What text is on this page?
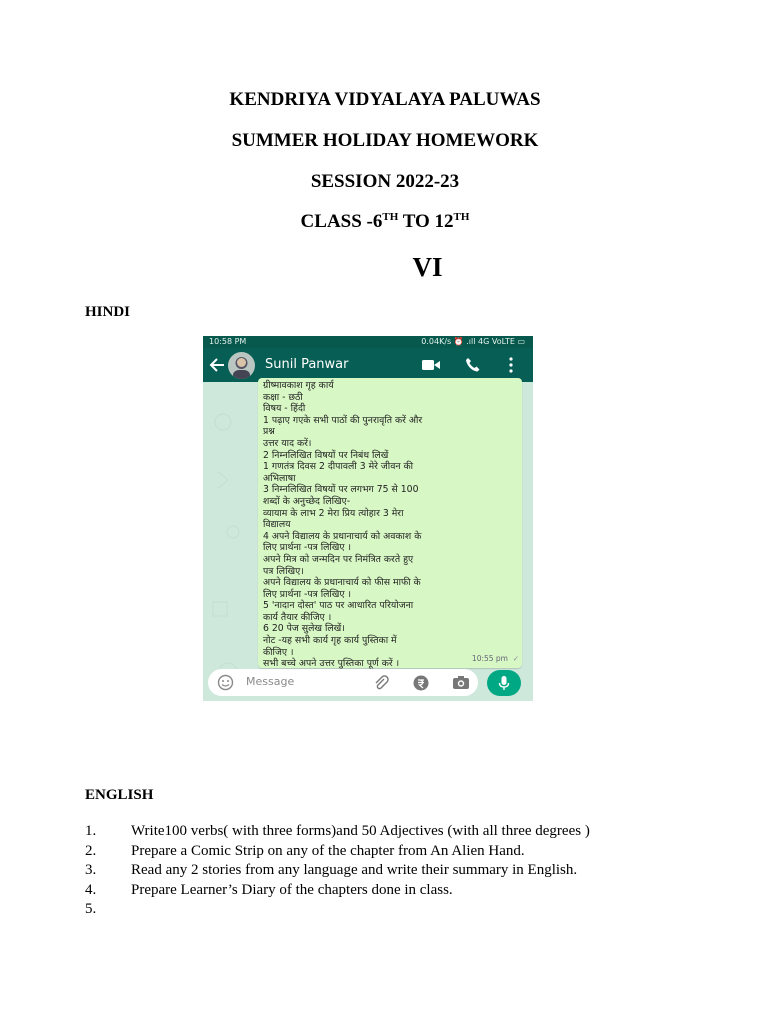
KENDRIYA VIDYALAYA PALUWAS
SUMMER HOLIDAY HOMEWORK
SESSION 2022-23
CLASS -6TH TO 12TH
VI
HINDI
10:58 PM	0.04K/s ⏰ .ıll 4G VoLTE ▭
Sunil Panwar
ग्रीष्मावकाश गृह कार्य
कक्षा - छठी
विषय - हिंदी
1 पढ़ाए गएके सभी पाठों की पुनरावृति करें और
प्रश्न
उत्तर याद करें।
2 निम्नलिखित विषयों पर निबंध लिखें
1 गणतंत्र दिवस 2 दीपावली 3 मेरे जीवन की
अभिलाषा
3 निम्नलिखित विषयों पर लगभग 75 से 100
शब्दों के अनुच्छेद लिखिए-
व्यायाम के लाभ 2 मेरा प्रिय त्योहार 3 मेरा
विद्यालय
4 अपने विद्यालय के प्रधानाचार्य को अवकाश के
लिए प्रार्थना -पत्र लिखिए ।
अपने मित्र को जन्मदिन पर निमंत्रित करते हुए
पत्र लिखिए।
अपने विद्यालय के प्रधानाचार्य को फीस माफी के
लिए प्रार्थना -पत्र लिखिए ।
5 'नादान दोस्त' पाठ पर आधारित परियोजना
कार्य तैयार कीजिए ।
6 20 पेज सुलेख लिखें।
नोट -यह सभी कार्य गृह कार्य पुस्तिका में
कीजिए ।
सभी बच्चे अपने उत्तर पुस्तिका पूर्ण करें ।	10:55 pm ✓
Message
ENGLISH
1. Write100 verbs( with three forms)and 50 Adjectives (with all three degrees )
2. Prepare a Comic Strip on any of the chapter from An Alien Hand.
3. Read any 2 stories from any language and write their summary in English.
4. Prepare Learner’s Diary of the chapters done in class.
5.
